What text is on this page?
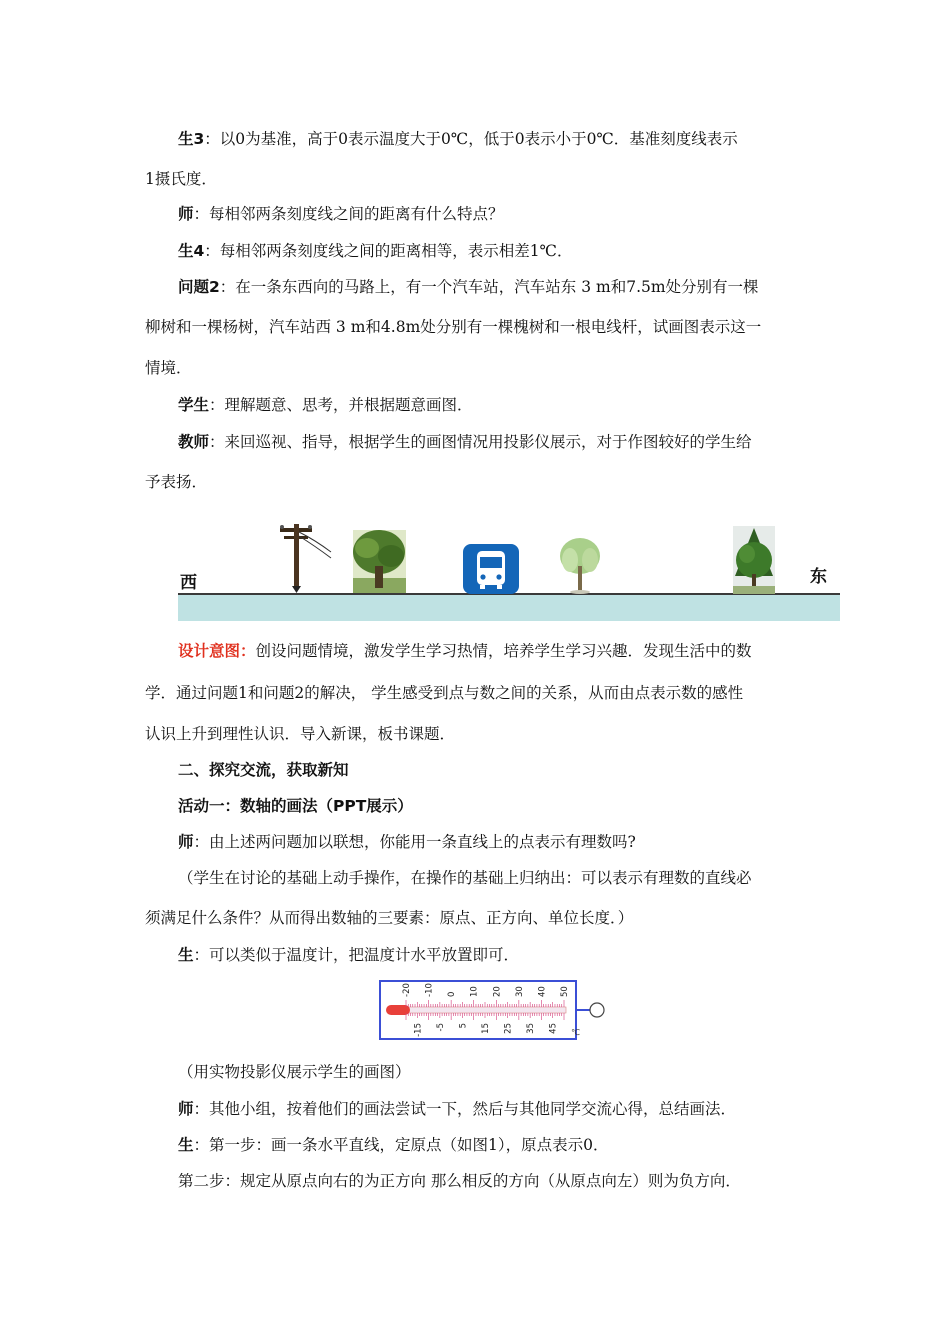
生3：以0为基准，高于0表示温度大于0℃，低于0表示小于0℃．基准刻度线表示
1摄氏度．
师：每相邻两条刻度线之间的距离有什么特点？
生4：每相邻两条刻度线之间的距离相等，表示相差1℃．
问题2：在一条东西向的马路上，有一个汽车站，汽车站东 3 m和7.5m处分别有一棵
柳树和一棵杨树，汽车站西 3 m和4.8m处分别有一棵槐树和一根电线杆，试画图表示这一
情境．
学生：理解题意、思考，并根据题意画图．
教师：来回巡视、指导，根据学生的画图情况用投影仪展示，对于作图较好的学生给
予表扬．
西	东
设计意图：创设问题情境，激发学生学习热情，培养学生学习兴趣．发现生活中的数
学．通过问题1和问题2的解决， 学生感受到点与数之间的关系，从而由点表示数的感性
认识上升到理性认识．导入新课，板书课题．
二、探究交流，获取新知
活动一：数轴的画法（PPT展示）
师：由上述两问题加以联想，你能用一条直线上的点表示有理数吗?
（学生在讨论的基础上动手操作，在操作的基础上归纳出：可以表示有理数的直线必
须满足什么条件？从而得出数轴的三要素：原点、正方向、单位长度．）
生：可以类似于温度计，把温度计水平放置即可．
-20 -10 0 10 20 30 40 50
-15 -5 5 15 25 35 45 ℃
（用实物投影仪展示学生的画图）
师：其他小组，按着他们的画法尝试一下，然后与其他同学交流心得，总结画法．
生：第一步：画一条水平直线，定原点（如图1），原点表示0．
第二步：规定从原点向右的为正方向 那么相反的方向（从原点向左）则为负方向．
